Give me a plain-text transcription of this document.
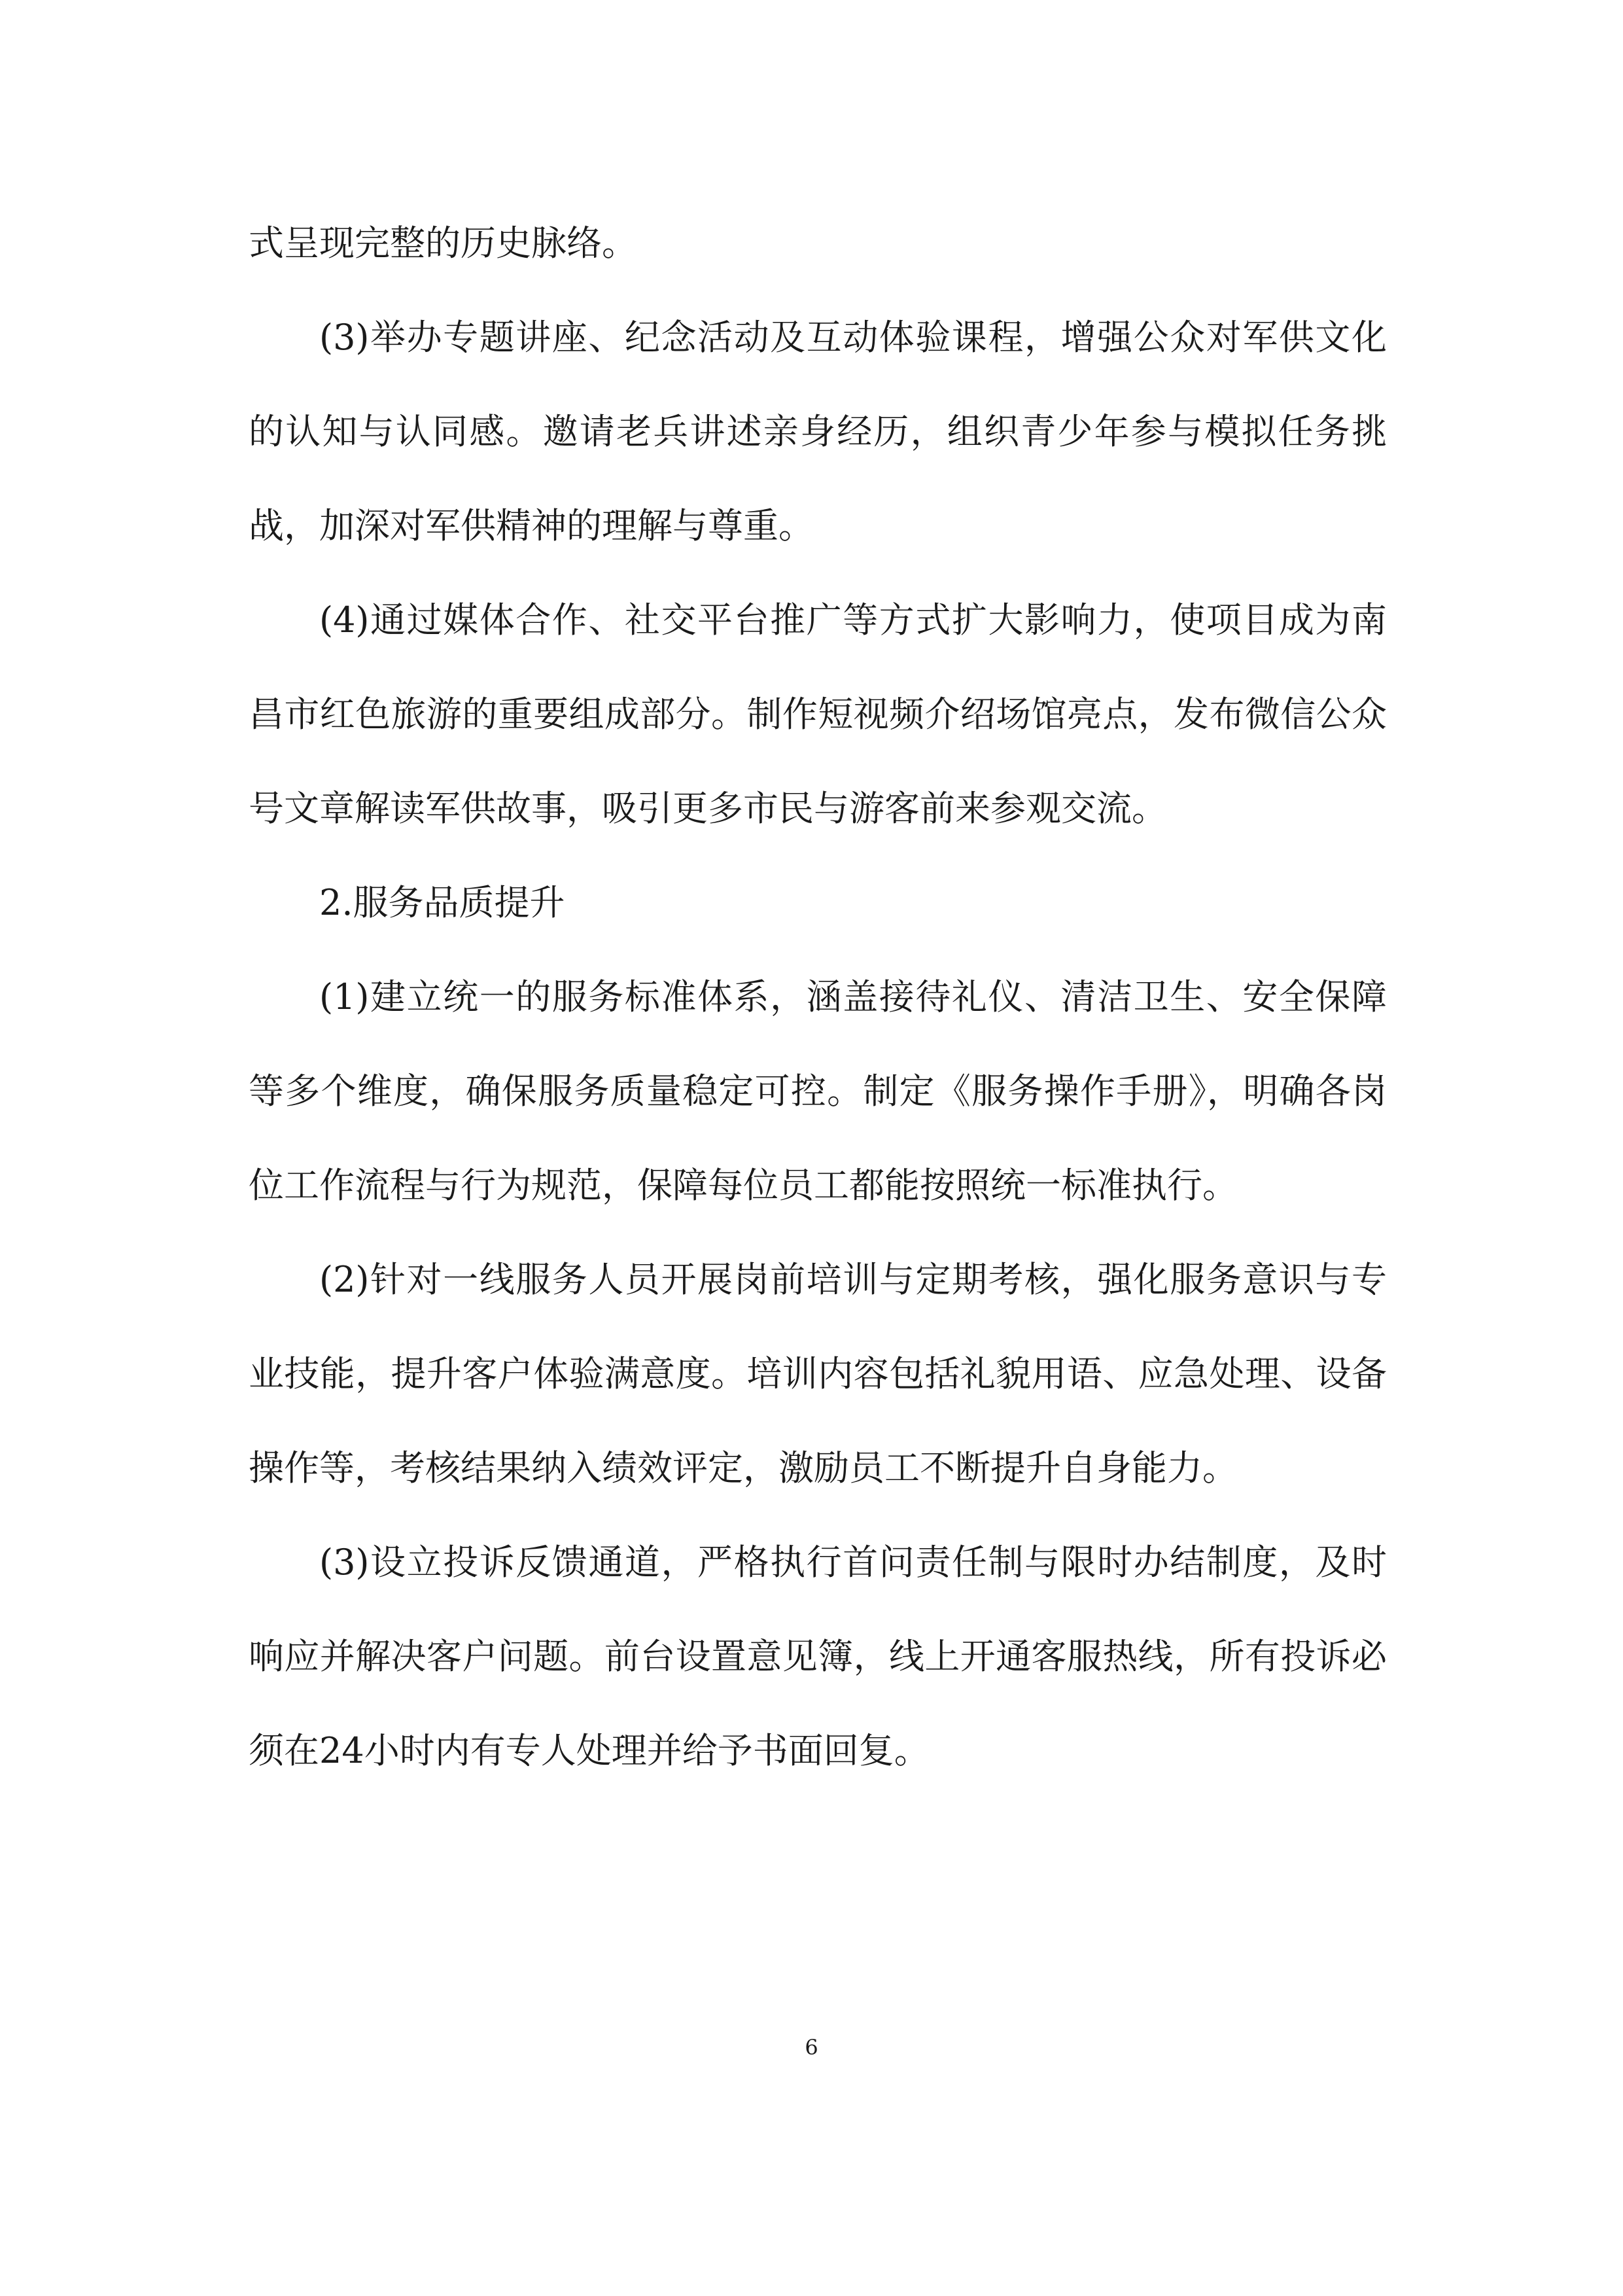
式呈现完整的历史脉络。

(3)举办专题讲座、纪念活动及互动体验课程，增强公众对军供文化的认知与认同感。邀请老兵讲述亲身经历，组织青少年参与模拟任务挑战，加深对军供精神的理解与尊重。

(4)通过媒体合作、社交平台推广等方式扩大影响力，使项目成为南昌市红色旅游的重要组成部分。制作短视频介绍场馆亮点，发布微信公众号文章解读军供故事，吸引更多市民与游客前来参观交流。

2.服务品质提升

(1)建立统一的服务标准体系，涵盖接待礼仪、清洁卫生、安全保障等多个维度，确保服务质量稳定可控。制定《服务操作手册》，明确各岗位工作流程与行为规范，保障每位员工都能按照统一标准执行。

(2)针对一线服务人员开展岗前培训与定期考核，强化服务意识与专业技能，提升客户体验满意度。培训内容包括礼貌用语、应急处理、设备操作等，考核结果纳入绩效评定，激励员工不断提升自身能力。

(3)设立投诉反馈通道，严格执行首问责任制与限时办结制度，及时响应并解决客户问题。前台设置意见簿，线上开通客服热线，所有投诉必须在24小时内有专人处理并给予书面回复。

6
